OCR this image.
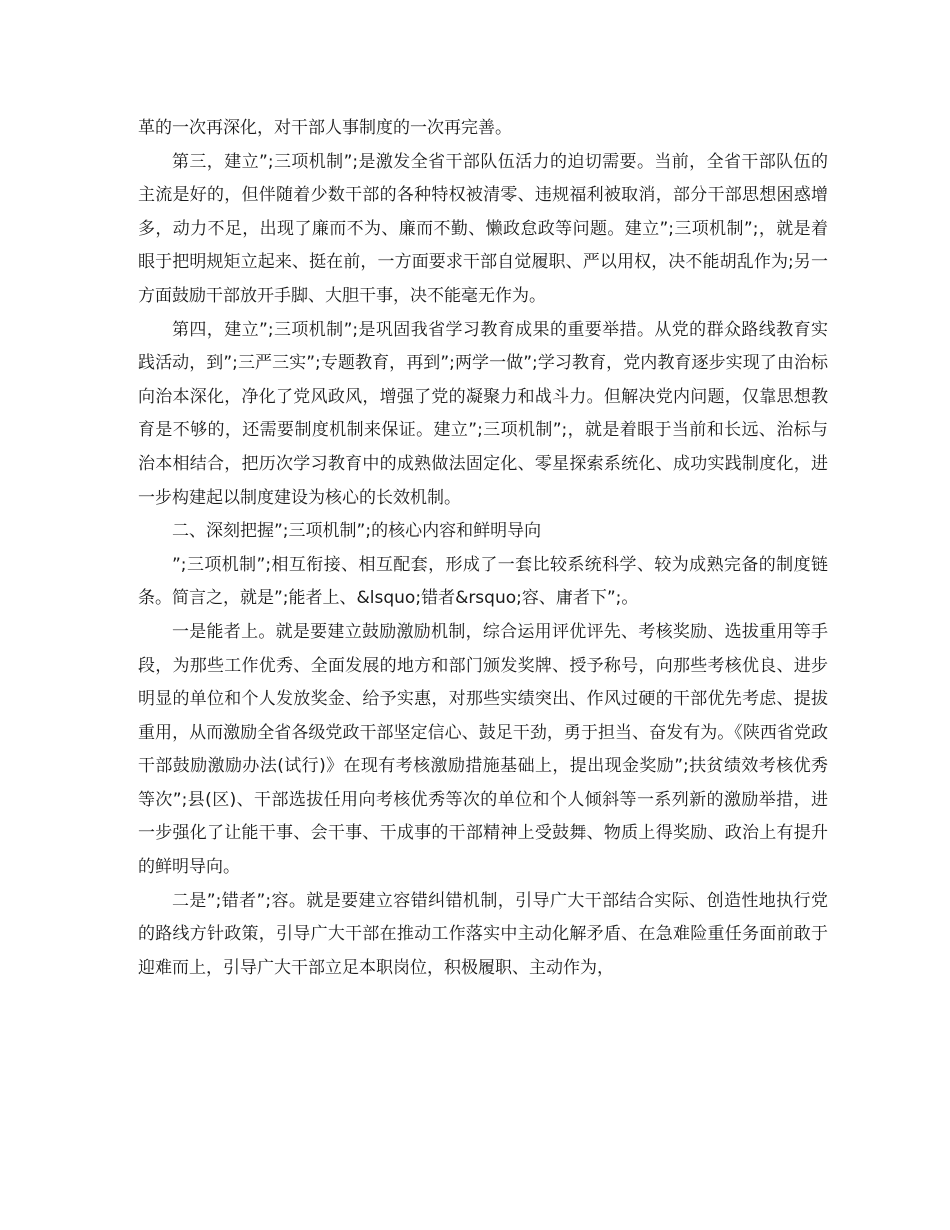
革的一次再深化，对干部人事制度的一次再完善。

第三，建立”;三项机制”;是激发全省干部队伍活力的迫切需要。当前，全省干部队伍的主流是好的，但伴随着少数干部的各种特权被清零、违规福利被取消，部分干部思想困惑增多，动力不足，出现了廉而不为、廉而不勤、懒政怠政等问题。建立”;三项机制”;，就是着眼于把明规矩立起来、挺在前，一方面要求干部自觉履职、严以用权，决不能胡乱作为;另一方面鼓励干部放开手脚、大胆干事，决不能毫无作为。

第四，建立”;三项机制”;是巩固我省学习教育成果的重要举措。从党的群众路线教育实践活动，到”;三严三实”;专题教育，再到”;两学一做”;学习教育，党内教育逐步实现了由治标向治本深化，净化了党风政风，增强了党的凝聚力和战斗力。但解决党内问题，仅靠思想教育是不够的，还需要制度机制来保证。建立”;三项机制”;，就是着眼于当前和长远、治标与治本相结合，把历次学习教育中的成熟做法固定化、零星探索系统化、成功实践制度化，进一步构建起以制度建设为核心的长效机制。

二、深刻把握”;三项机制”;的核心内容和鲜明导向

”;三项机制”;相互衔接、相互配套，形成了一套比较系统科学、较为成熟完备的制度链条。简言之，就是”;能者上、&lsquo;错者&rsquo;容、庸者下”;。

一是能者上。就是要建立鼓励激励机制，综合运用评优评先、考核奖励、选拔重用等手段，为那些工作优秀、全面发展的地方和部门颁发奖牌、授予称号，向那些考核优良、进步明显的单位和个人发放奖金、给予实惠，对那些实绩突出、作风过硬的干部优先考虑、提拔重用，从而激励全省各级党政干部坚定信心、鼓足干劲，勇于担当、奋发有为。《陕西省党政干部鼓励激励办法(试行)》在现有考核激励措施基础上，提出现金奖励”;扶贫绩效考核优秀等次”;县(区)、干部选拔任用向考核优秀等次的单位和个人倾斜等一系列新的激励举措，进一步强化了让能干事、会干事、干成事的干部精神上受鼓舞、物质上得奖励、政治上有提升的鲜明导向。

二是”;错者”;容。就是要建立容错纠错机制，引导广大干部结合实际、创造性地执行党的路线方针政策，引导广大干部在推动工作落实中主动化解矛盾、在急难险重任务面前敢于迎难而上，引导广大干部立足本职岗位，积极履职、主动作为，
